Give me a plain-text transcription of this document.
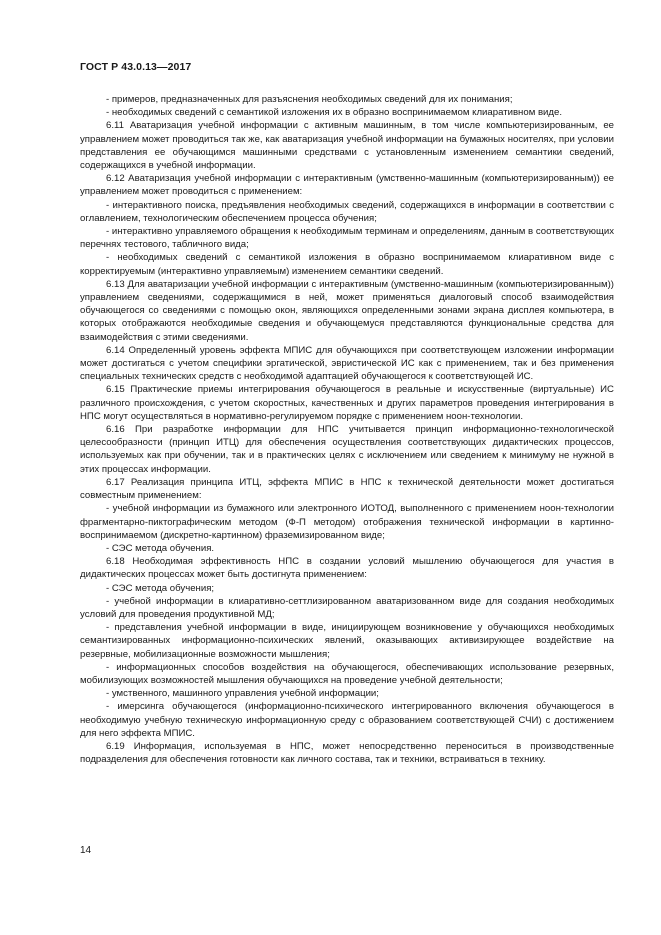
ГОСТ Р 43.0.13—2017

- примеров, предназначенных для разъяснения необходимых сведений для их понимания;

- необходимых сведений с семантикой изложения их в образно воспринимаемом клиаративном виде.

6.11 Аватаризация учебной информации с активным машинным, в том числе компьютеризированным, ее управлением может проводиться так же, как аватаризация учебной информации на бумажных носителях, при условии представления ее обучающимся машинными средствами с установленным изменением семантики сведений, содержащихся в учебной информации.

6.12 Аватаризация учебной информации с интерактивным (умственно-машинным (компьютеризированным)) ее управлением может проводиться с применением:

- интерактивного поиска, предъявления необходимых сведений, содержащихся в информации в соответствии с оглавлением, технологическим обеспечением процесса обучения;

- интерактивно управляемого обращения к необходимым терминам и определениям, данным в соответствующих перечнях тестового, табличного вида;

- необходимых сведений с семантикой изложения в образно воспринимаемом клиаративном виде с корректируемым (интерактивно управляемым) изменением семантики сведений.

6.13 Для аватаризации учебной информации с интерактивным (умственно-машинным (компьютеризированным)) управлением сведениями, содержащимися в ней, может применяться диалоговый способ взаимодействия обучающегося со сведениями с помощью окон, являющихся определенными зонами экрана дисплея компьютера, в которых отображаются необходимые сведения и обучающемуся представляются функциональные средства для взаимодействия с этими сведениями.

6.14 Определенный уровень эффекта МПИС для обучающихся при соответствующем изложении информации может достигаться с учетом специфики эргатической, эвристической ИС как с применением, так и без применения специальных технических средств с необходимой адаптацией обучающегося к соответствующей ИС.

6.15 Практические приемы интегрирования обучающегося в реальные и искусственные (виртуальные) ИС различного происхождения, с учетом скоростных, качественных и других параметров проведения интегрирования в НПС могут осуществляться в нормативно-регулируемом порядке с применением ноон-технологии.

6.16 При разработке информации для НПС учитывается принцип информационно-технологической целесообразности (принцип ИТЦ) для обеспечения осуществления соответствующих дидактических процессов, используемых как при обучении, так и в практических целях с исключением или сведением к минимуму не нужной в этих процессах информации.

6.17 Реализация принципа ИТЦ, эффекта МПИС в НПС к технической деятельности может достигаться совместным применением:

- учебной информации из бумажного или электронного ИОТОД, выполненного с применением ноон-технологии фрагментарно-пиктографическим методом (Ф-П методом) отображения технической информации в картинно-воспринимаемом (дискретно-картинном) фраземизированном виде;

- СЭС метода обучения.

6.18 Необходимая эффективность НПС в создании условий мышлению обучающегося для участия в дидактических процессах может быть достигнута применением:

- СЭС метода обучения;

- учебной информации в клиаративно-сеттлизированном аватаризованном виде для создания необходимых условий для проведения продуктивной МД;

- представления учебной информации в виде, инициирующем возникновение у обучающихся необходимых семантизированных информационно-психических явлений, оказывающих активизирующее воздействие на резервные, мобилизационные возможности мышления;

- информационных способов воздействия на обучающегося, обеспечивающих использование резервных, мобилизующих возможностей мышления обучающихся на проведение учебной деятельности;

- умственного, машинного управления учебной информации;

- имерсинга обучающегося (информационно-психического интегрированного включения обучающегося в необходимую учебную техническую информационную среду с образованием соответствующей СЧИ) с достижением для него эффекта МПИС.

6.19 Информация, используемая в НПС, может непосредственно переноситься в производственные подразделения для обеспечения готовности как личного состава, так и техники, встраиваться в технику.

14
